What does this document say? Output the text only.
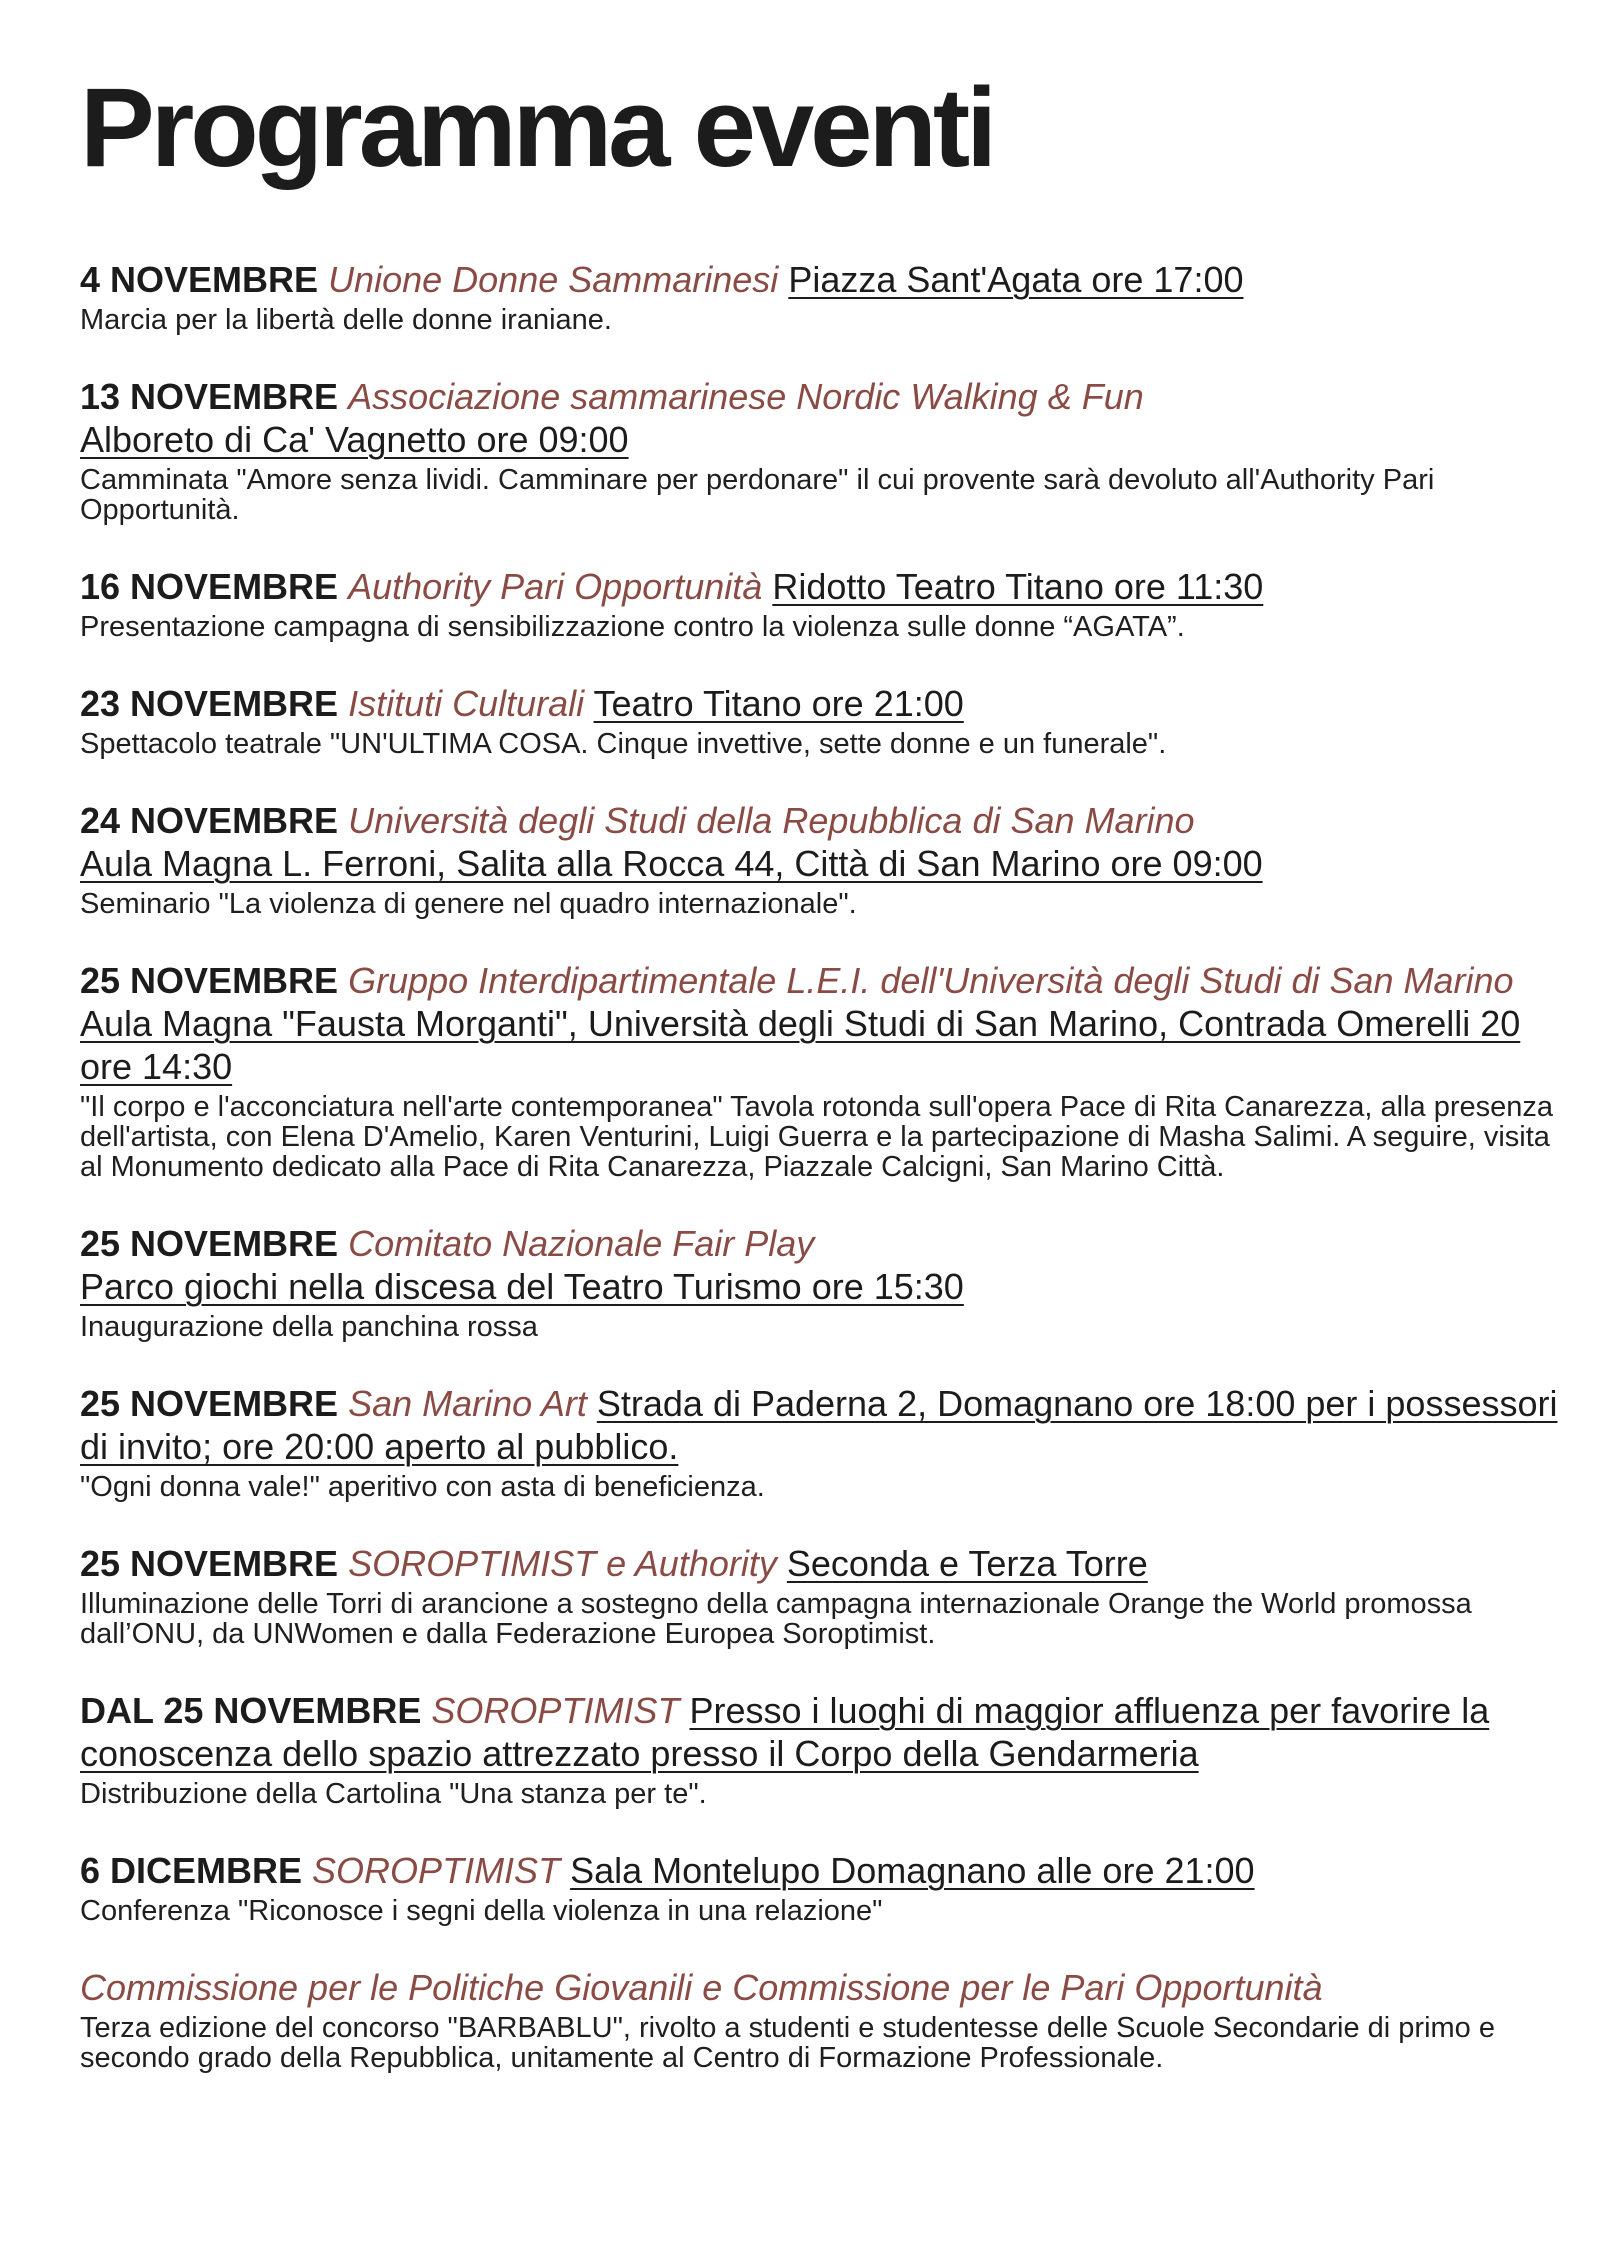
Programma eventi

4 NOVEMBRE Unione Donne Sammarinesi Piazza Sant'Agata ore 17:00

Marcia per la libertà delle donne iraniane.

13 NOVEMBRE Associazione sammarinese Nordic Walking & Fun
Alboreto di Ca' Vagnetto ore 09:00

Camminata "Amore senza lividi. Camminare per perdonare" il cui provente sarà devoluto all'Authority Pari Opportunità.

16 NOVEMBRE Authority Pari Opportunità Ridotto Teatro Titano ore 11:30

Presentazione campagna di sensibilizzazione contro la violenza sulle donne “AGATA”.

23 NOVEMBRE Istituti Culturali Teatro Titano ore 21:00

Spettacolo teatrale "UN'ULTIMA COSA. Cinque invettive, sette donne e un funerale".

24 NOVEMBRE Università degli Studi della Repubblica di San Marino
Aula Magna L. Ferroni, Salita alla Rocca 44, Città di San Marino ore 09:00

Seminario "La violenza di genere nel quadro internazionale".

25 NOVEMBRE Gruppo Interdipartimentale L.E.I. dell'Università degli Studi di San Marino Aula Magna "Fausta Morganti", Università degli Studi di San Marino, Contrada Omerelli 20 ore 14:30

"Il corpo e l'acconciatura nell'arte contemporanea" Tavola rotonda sull'opera Pace di Rita Canarezza, alla presenza dell'artista, con Elena D'Amelio, Karen Venturini, Luigi Guerra e la partecipazione di Masha Salimi. A seguire, visita al Monumento dedicato alla Pace di Rita Canarezza, Piazzale Calcigni, San Marino Città.

25 NOVEMBRE Comitato Nazionale Fair Play
Parco giochi nella discesa del Teatro Turismo ore 15:30

Inaugurazione della panchina rossa

25 NOVEMBRE San Marino Art Strada di Paderna 2, Domagnano ore 18:00 per i possessori di invito; ore 20:00 aperto al pubblico.

"Ogni donna vale!" aperitivo con asta di beneficienza.

25 NOVEMBRE SOROPTIMIST e Authority Seconda e Terza Torre

Illuminazione delle Torri di arancione a sostegno della campagna internazionale Orange the World promossa dall’ONU, da UNWomen e dalla Federazione Europea Soroptimist.

DAL 25 NOVEMBRE SOROPTIMIST Presso i luoghi di maggior affluenza per favorire la conoscenza dello spazio attrezzato presso il Corpo della Gendarmeria

Distribuzione della Cartolina "Una stanza per te".

6 DICEMBRE SOROPTIMIST Sala Montelupo Domagnano alle ore 21:00

Conferenza "Riconosce i segni della violenza in una relazione"

Commissione per le Politiche Giovanili e Commissione per le Pari Opportunità

Terza edizione del concorso "BARBABLU", rivolto a studenti e studentesse delle Scuole Secondarie di primo e secondo grado della Repubblica, unitamente al Centro di Formazione Professionale.
